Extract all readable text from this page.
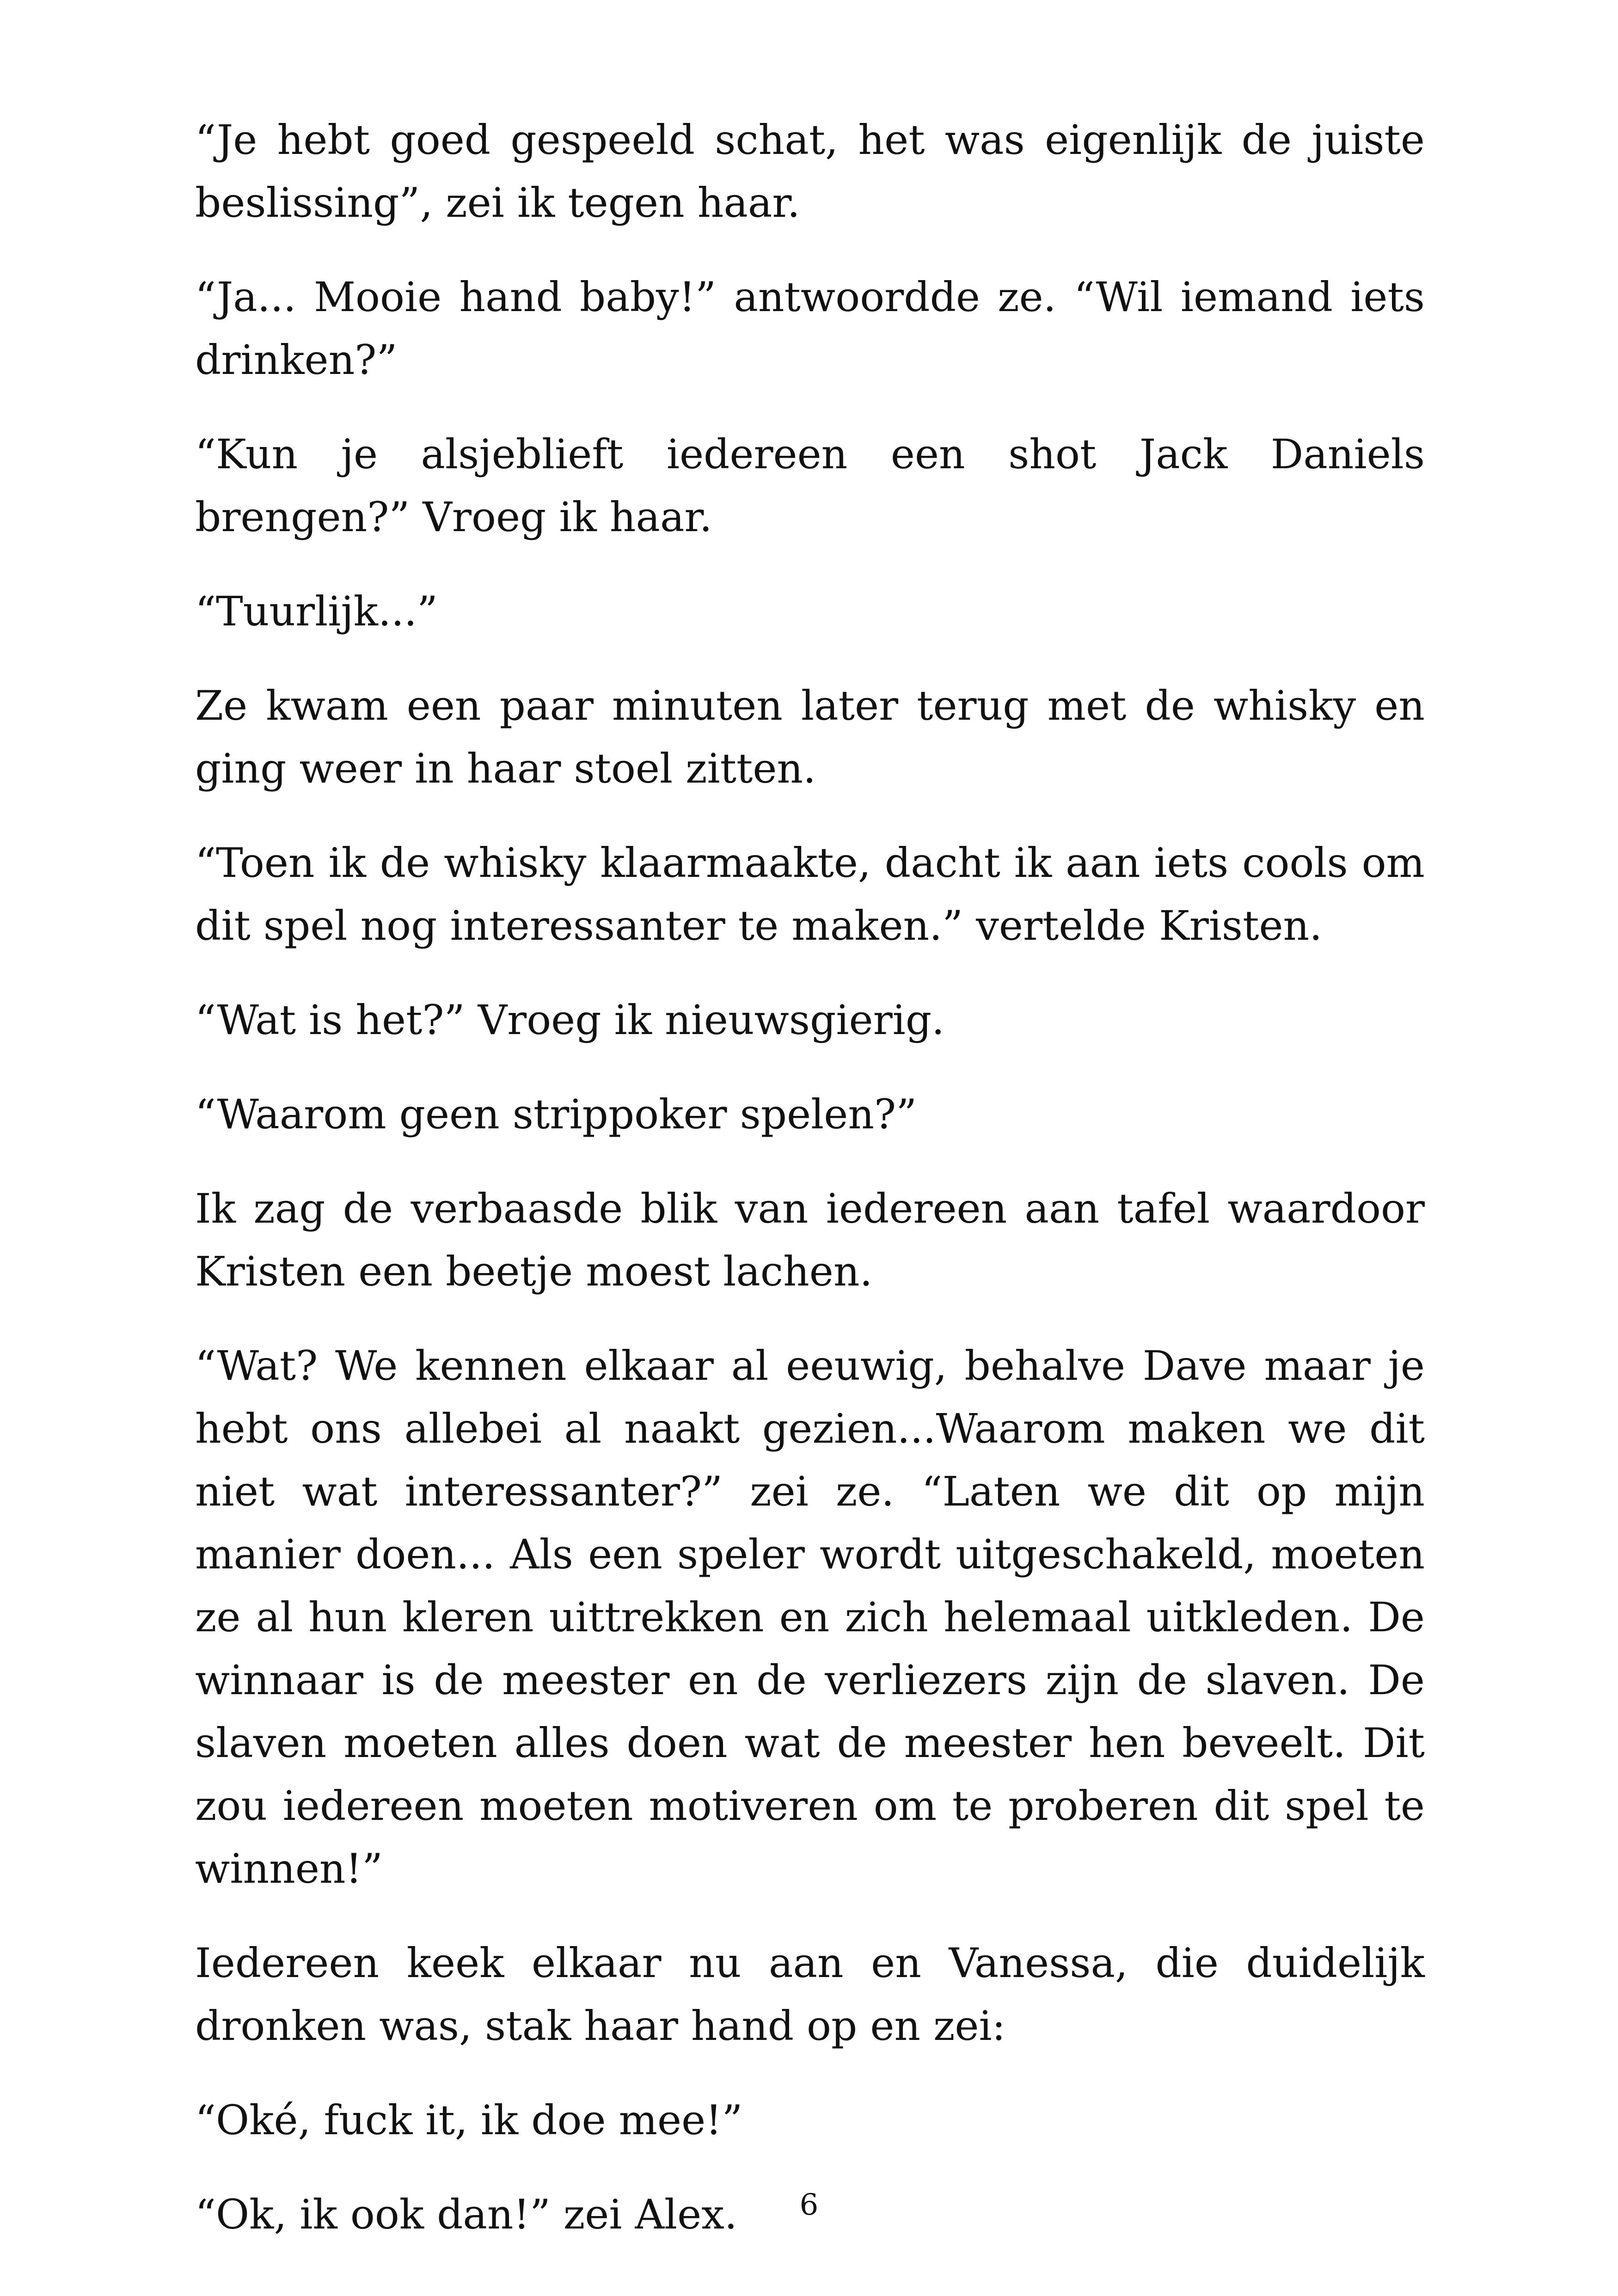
“Je hebt goed gespeeld schat, het was eigenlijk de juiste beslissing”, zei ik tegen haar.

“Ja... Mooie hand baby!” antwoordde ze. “Wil iemand iets drinken?”

“Kun je alsjeblieft iedereen een shot Jack Daniels brengen?” Vroeg ik haar.

“Tuurlijk...”

Ze kwam een paar minuten later terug met de whisky en ging weer in haar stoel zitten.

“Toen ik de whisky klaarmaakte, dacht ik aan iets cools om dit spel nog interessanter te maken.” vertelde Kristen.

“Wat is het?” Vroeg ik nieuwsgierig.

“Waarom geen strippoker spelen?”

Ik zag de verbaasde blik van iedereen aan tafel waardoor Kristen een beetje moest lachen.

“Wat? We kennen elkaar al eeuwig, behalve Dave maar je hebt ons allebei al naakt gezien...Waarom maken we dit niet wat interessanter?” zei ze. “Laten we dit op mijn manier doen... Als een speler wordt uitgeschakeld, moeten ze al hun kleren uittrekken en zich helemaal uitkleden. De winnaar is de meester en de verliezers zijn de slaven. De slaven moeten alles doen wat de meester hen beveelt. Dit zou iedereen moeten motiveren om te proberen dit spel te winnen!”

Iedereen keek elkaar nu aan en Vanessa, die duidelijk dronken was, stak haar hand op en zei:

“Oké, fuck it, ik doe mee!”

“Ok, ik ook dan!” zei Alex.	6
